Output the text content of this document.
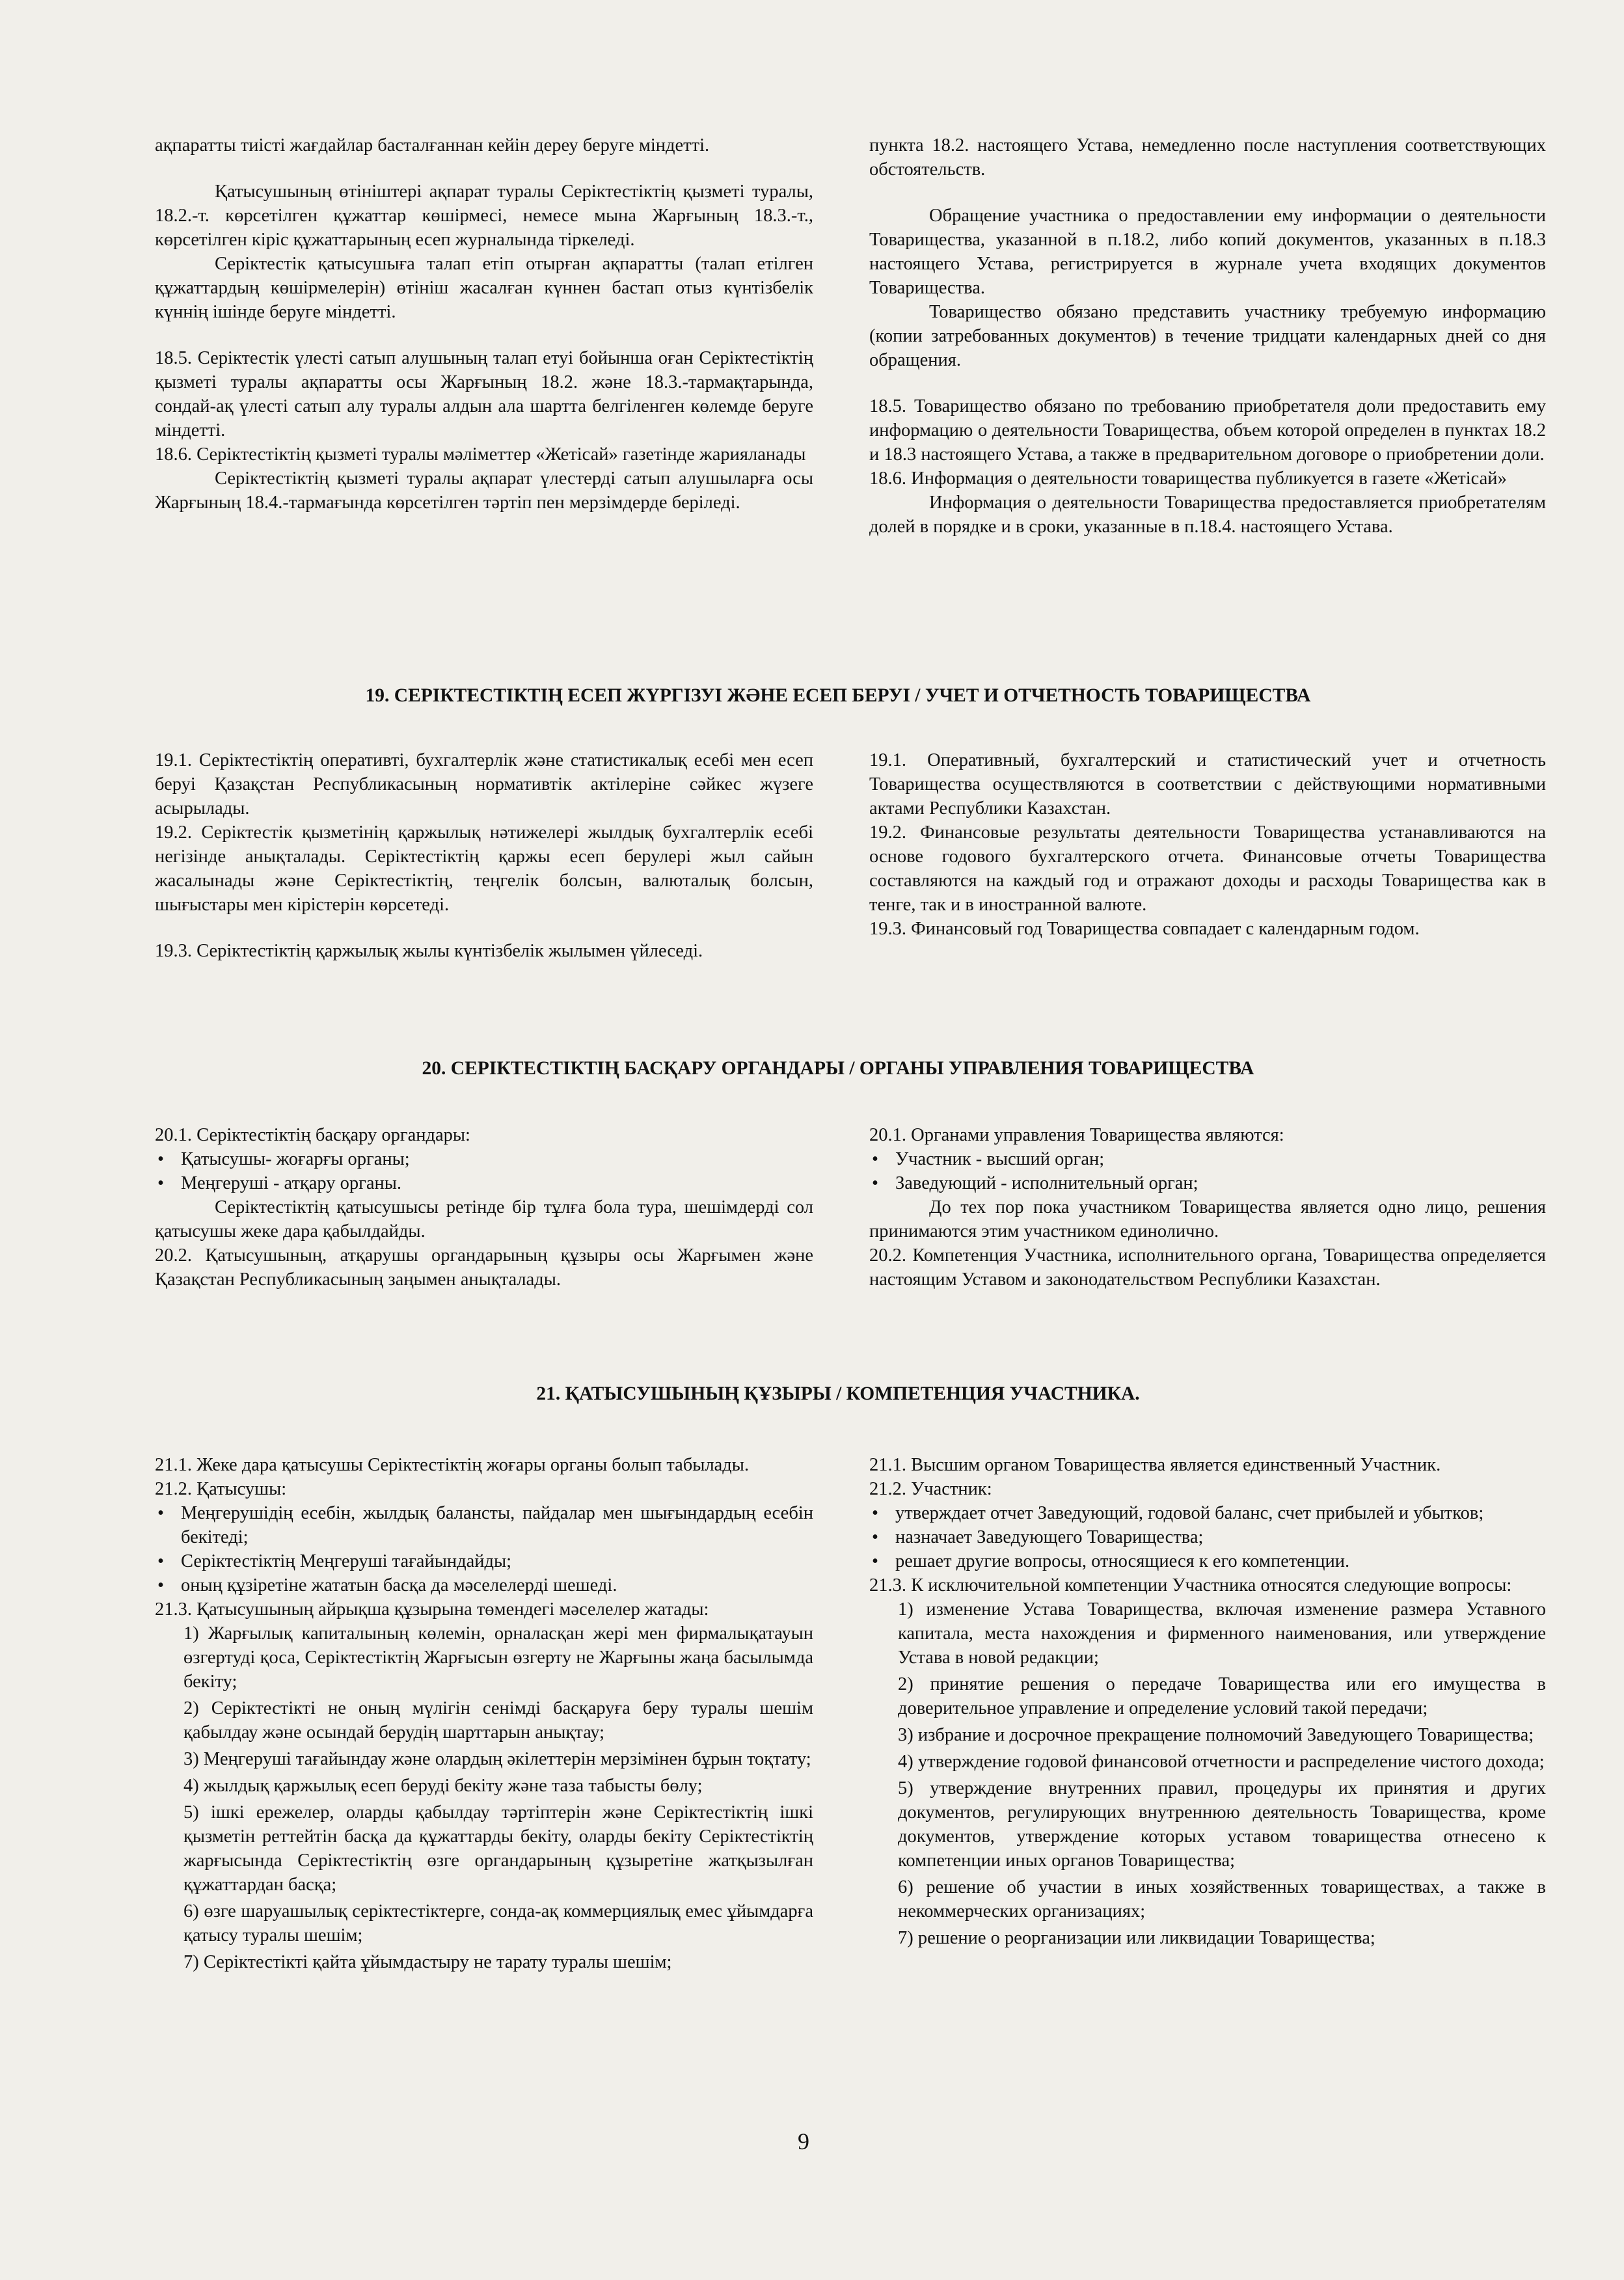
ақпаратты тиісті жағдайлар басталғаннан кейін дереу беруге міндетті.

Қатысушының өтініштері ақпарат туралы Серіктестіктің қызметі туралы, 18.2.-т. көрсетілген құжаттар көшірмесі, немесе мына Жарғының 18.3.-т., көрсетілген кіріс құжаттарының есеп журналында тіркеледі.

Серіктестік қатысушыға талап етіп отырған ақпаратты (талап етілген құжаттардың көшірмелерін) өтініш жасалған күннен бастап отыз күнтізбелік күннің ішінде беруге міндетті.

18.5. Серіктестік үлесті сатып алушының талап етуі бойынша оған Серіктестіктің қызметі туралы ақпаратты осы Жарғының 18.2. және 18.3.-тармақтарында, сондай-ақ үлесті сатып алу туралы алдын ала шартта белгіленген көлемде беруге міндетті.

18.6. Серіктестіктің қызметі туралы мәліметтер «Жетісай» газетінде жарияланады

Серіктестіктің қызметі туралы ақпарат үлестерді сатып алушыларға осы Жарғының 18.4.-тармағында көрсетілген тәртіп пен мерзімдерде беріледі.

пункта 18.2. настоящего Устава, немедленно после наступления соответствующих обстоятельств.

Обращение участника о предоставлении ему информации о деятельности Товарищества, указанной в п.18.2, либо копий документов, указанных в п.18.3 настоящего Устава, регистрируется в журнале учета входящих документов Товарищества.

Товарищество обязано представить участнику требуемую информацию (копии затребованных документов) в течение тридцати календарных дней со дня обращения.

18.5. Товарищество обязано по требованию приобретателя доли предоставить ему информацию о деятельности Товарищества, объем которой определен в пунктах 18.2 и 18.3 настоящего Устава, а также в предварительном договоре о приобретении доли.

18.6. Информация о деятельности товарищества публикуется в газете «Жетісай»

Информация о деятельности Товарищества предоставляется приобретателям долей в порядке и в сроки, указанные в п.18.4. настоящего Устава.

19. СЕРІКТЕСТІКТІҢ ЕСЕП ЖҮРГІЗУІ ЖӘНЕ ЕСЕП БЕРУІ / УЧЕТ И ОТЧЕТНОСТЬ ТОВАРИЩЕСТВА

19.1. Серіктестіктің оперативті, бухгалтерлік және статистикалық есебі мен есеп беруі Қазақстан Республикасының нормативтік актілеріне сәйкес жүзеге асырылады.

19.2. Серіктестік қызметінің қаржылық нәтижелері жылдық бухгалтерлік есебі негізінде анықталады. Серіктестіктің қаржы есеп берулері жыл сайын жасалынады және Серіктестіктің, теңгелік болсын, валюталық болсын, шығыстары мен кірістерін көрсетеді.

19.3. Серіктестіктің қаржылық жылы күнтізбелік жылымен үйлеседі.

19.1. Оперативный, бухгалтерский и статистический учет и отчетность Товарищества осуществляются в соответствии с действующими нормативными актами Республики Казахстан.

19.2. Финансовые результаты деятельности Товарищества устанавливаются на основе годового бухгалтерского отчета. Финансовые отчеты Товарищества составляются на каждый год и отражают доходы и расходы Товарищества как в тенге, так и в иностранной валюте.

19.3. Финансовый год Товарищества совпадает с календарным годом.

20. СЕРІКТЕСТІКТІҢ БАСҚАРУ ОРГАНДАРЫ / ОРГАНЫ УПРАВЛЕНИЯ ТОВАРИЩЕСТВА

20.1. Серіктестіктің басқару органдары:

• Қатысушы- жоғарғы органы;
• Меңгеруші - атқару органы.

Серіктестіктің қатысушысы ретінде бір тұлға бола тура, шешімдерді сол қатысушы жеке дара қабылдайды.

20.2. Қатысушының, атқарушы органдарының құзыры осы Жарғымен және Қазақстан Республикасының заңымен анықталады.

20.1. Органами управления Товарищества являются:

• Участник - высший орган;
• Заведующий - исполнительный орган;

До тех пор пока участником Товарищества является одно лицо, решения принимаются этим участником единолично.

20.2. Компетенция Участника, исполнительного органа, Товарищества определяется настоящим Уставом и законодательством Республики Казахстан.

21. ҚАТЫСУШЫНЫҢ ҚҰЗЫРЫ / КОМПЕТЕНЦИЯ УЧАСТНИКА.

21.1. Жеке дара қатысушы Серіктестіктің жоғары органы болып табылады.

21.2. Қатысушы:

• Меңгерушідің есебін, жылдық балансты, пайдалар мен шығындардың есебін бекітеді;
• Серіктестіктің Меңгеруші тағайындайды;
• оның құзіретіне жататын басқа да мәселелерді шешеді.

21.3. Қатысушының айрықша құзырына төмендегі мәселелер жатады:

1) Жарғылық капиталының көлемін, орналасқан жері мен фирмалықатауын өзгертуді қоса, Серіктестіктің Жарғысын өзгерту не Жарғыны жаңа басылымда бекіту;
2) Серіктестікті не оның мүлігін сенімді басқаруға беру туралы шешім қабылдау және осындай берудің шарттарын анықтау;
3) Меңгеруші тағайындау және олардың әкілеттерін мерзімінен бұрын тоқтату;
4) жылдық қаржылық есеп беруді бекіту және таза табысты бөлу;
5) ішкі ережелер, оларды қабылдау тәртіптерін және Серіктестіктің ішкі қызметін реттейтін басқа да құжаттарды бекіту, оларды бекіту Серіктестіктің жарғысында Серіктестіктің өзге органдарының құзыретіне жатқызылған құжаттардан басқа;
6) өзге шаруашылық серіктестіктерге, сонда-ақ коммерциялық емес ұйымдарға қатысу туралы шешім;
7) Серіктестікті қайта ұйымдастыру не тарату туралы шешім;

21.1. Высшим органом Товарищества является единственный Участник.

21.2. Участник:

• утверждает отчет Заведующий, годовой баланс, счет прибылей и убытков;
• назначает Заведующего Товарищества;
• решает другие вопросы, относящиеся к его компетенции.

21.3. К исключительной компетенции Участника относятся следующие вопросы:

1) изменение Устава Товарищества, включая изменение размера Уставного капитала, места нахождения и фирменного наименования, или утверждение Устава в новой редакции;
2) принятие решения о передаче Товарищества или его имущества в доверительное управление и определение условий такой передачи;
3) избрание и досрочное прекращение полномочий Заведующего Товарищества;
4) утверждение годовой финансовой отчетности и распределение чистого дохода;
5) утверждение внутренних правил, процедуры их принятия и других документов, регулирующих внутреннюю деятельность Товарищества, кроме документов, утверждение которых уставом товарищества отнесено к компетенции иных органов Товарищества;
6) решение об участии в иных хозяйственных товариществах, а также в некоммерческих организациях;
7) решение о реорганизации или ликвидации Товарищества;
9
